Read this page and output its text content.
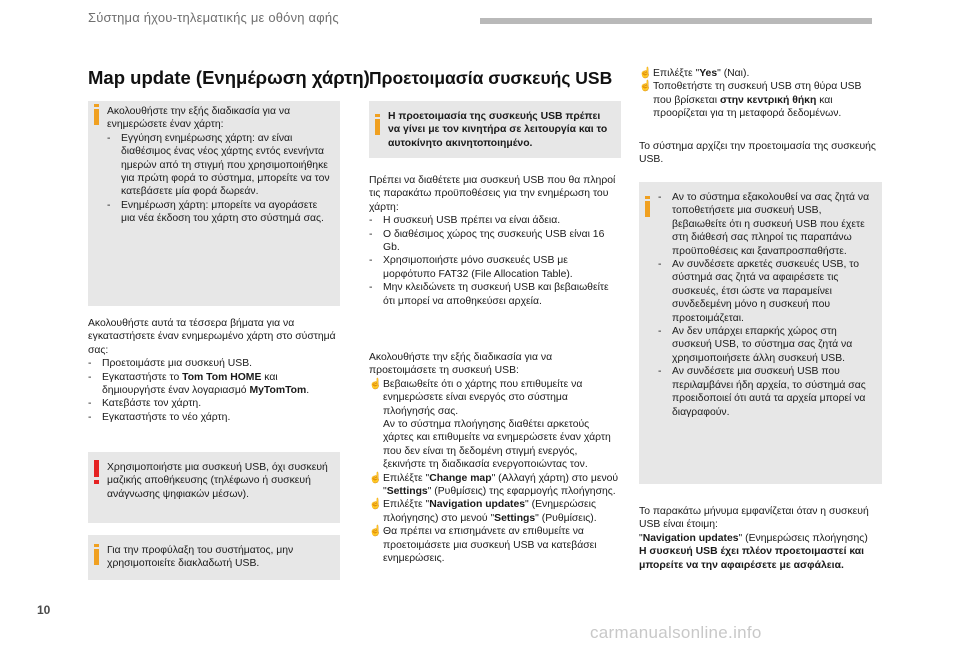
Σύστημα ήχου-τηλεματικής με οθόνη αφής
Map update (Ενημέρωση χάρτη)

Ακολουθήστε την εξής διαδικασία για να ενημερώσετε έναν χάρτη:

- Εγγύηση ενημέρωσης χάρτη: αν είναι διαθέσιμος ένας νέος χάρτης εντός ενενήντα ημερών από τη στιγμή που χρησιμοποιήθηκε για πρώτη φορά το σύστημα, μπορείτε να τον κατεβάσετε μία φορά δωρεάν.
- Ενημέρωση χάρτη: μπορείτε να αγοράσετε μια νέα έκδοση του χάρτη στο σύστημά σας.

Ακολουθήστε αυτά τα τέσσερα βήματα για να εγκαταστήσετε έναν ενημερωμένο χάρτη στο σύστημά σας:

- Προετοιμάστε μια συσκευή USB.
- Εγκαταστήστε το Tom Tom HOME και δημιουργήστε έναν λογαριασμό MyTomTom.
- Κατεβάστε τον χάρτη.
- Εγκαταστήστε το νέο χάρτη.
Χρησιμοποιήστε μια συσκευή USB, όχι συσκευή μαζικής αποθήκευσης (τηλέφωνο ή συσκευή ανάγνωσης ψηφιακών μέσων).
Για την προφύλαξη του συστήματος, μην χρησιμοποιείτε διακλαδωτή USB.
Προετοιμασία συσκευής USB
Η προετοιμασία της συσκευής USB πρέπει να γίνει με τον κινητήρα σε λειτουργία και το αυτοκίνητο ακινητοποιημένο.

Πρέπει να διαθέτετε μια συσκευή USB που θα πληροί τις παρακάτω προϋποθέσεις για την ενημέρωση του χάρτη:

- Η συσκευή USB πρέπει να είναι άδεια.
- Ο διαθέσιμος χώρος της συσκευής USB είναι 16 Gb.
- Χρησιμοποιήστε μόνο συσκευές USB με μορφότυπο FAT32 (File Allocation Table).
- Μην κλειδώνετε τη συσκευή USB και βεβαιωθείτε ότι μπορεί να αποθηκεύσει αρχεία.

Ακολουθήστε την εξής διαδικασία για να προετοιμάσετε τη συσκευή USB:

☝ Βεβαιωθείτε ότι ο χάρτης που επιθυμείτε να ενημερώσετε είναι ενεργός στο σύστημα πλοήγησής σας.
Αν το σύστημα πλοήγησης διαθέτει αρκετούς χάρτες και επιθυμείτε να ενημερώσετε έναν χάρτη που δεν είναι τη δεδομένη στιγμή ενεργός, ξεκινήστε τη διαδικασία ενεργοποιώντας τον.
☝ Επιλέξτε "Change map" (Αλλαγή χάρτη) στο μενού "Settings" (Ρυθμίσεις) της εφαρμογής πλοήγησης.
☝ Επιλέξτε "Navigation updates" (Ενημερώσεις πλοήγησης) στο μενού "Settings" (Ρυθμίσεις).
☝ Θα πρέπει να επισημάνετε αν επιθυμείτε να προετοιμάσετε μια συσκευή USB να κατεβάσει ενημερώσεις.
☝ Επιλέξτε "Yes" (Ναι).
☝ Τοποθετήστε τη συσκευή USB στη θύρα USB που βρίσκεται στην κεντρική θήκη και προορίζεται για τη μεταφορά δεδομένων.
Το σύστημα αρχίζει την προετοιμασία της συσκευής USB.
- Αν το σύστημα εξακολουθεί να σας ζητά να τοποθετήσετε μια συσκευή USB, βεβαιωθείτε ότι η συσκευή USB που έχετε στη διάθεσή σας πληροί τις παραπάνω προϋποθέσεις και ξαναπροσπαθήστε.
- Αν συνδέσετε αρκετές συσκευές USB, το σύστημά σας ζητά να αφαιρέσετε τις συσκευές, έτσι ώστε να παραμείνει συνδεδεμένη μόνο η συσκευή που προετοιμάζεται.
- Αν δεν υπάρχει επαρκής χώρος στη συσκευή USB, το σύστημα σας ζητά να χρησιμοποιήσετε άλλη συσκευή USB.
- Αν συνδέσετε μια συσκευή USB που περιλαμβάνει ήδη αρχεία, το σύστημά σας προειδοποιεί ότι αυτά τα αρχεία μπορεί να διαγραφούν.

Το παρακάτω μήνυμα εμφανίζεται όταν η συσκευή USB είναι έτοιμη:

"Navigation updates" (Ενημερώσεις πλοήγησης)

Η συσκευή USB έχει πλέον προετοιμαστεί και μπορείτε να την αφαιρέσετε με ασφάλεια.

10
carmanualsonline.info
